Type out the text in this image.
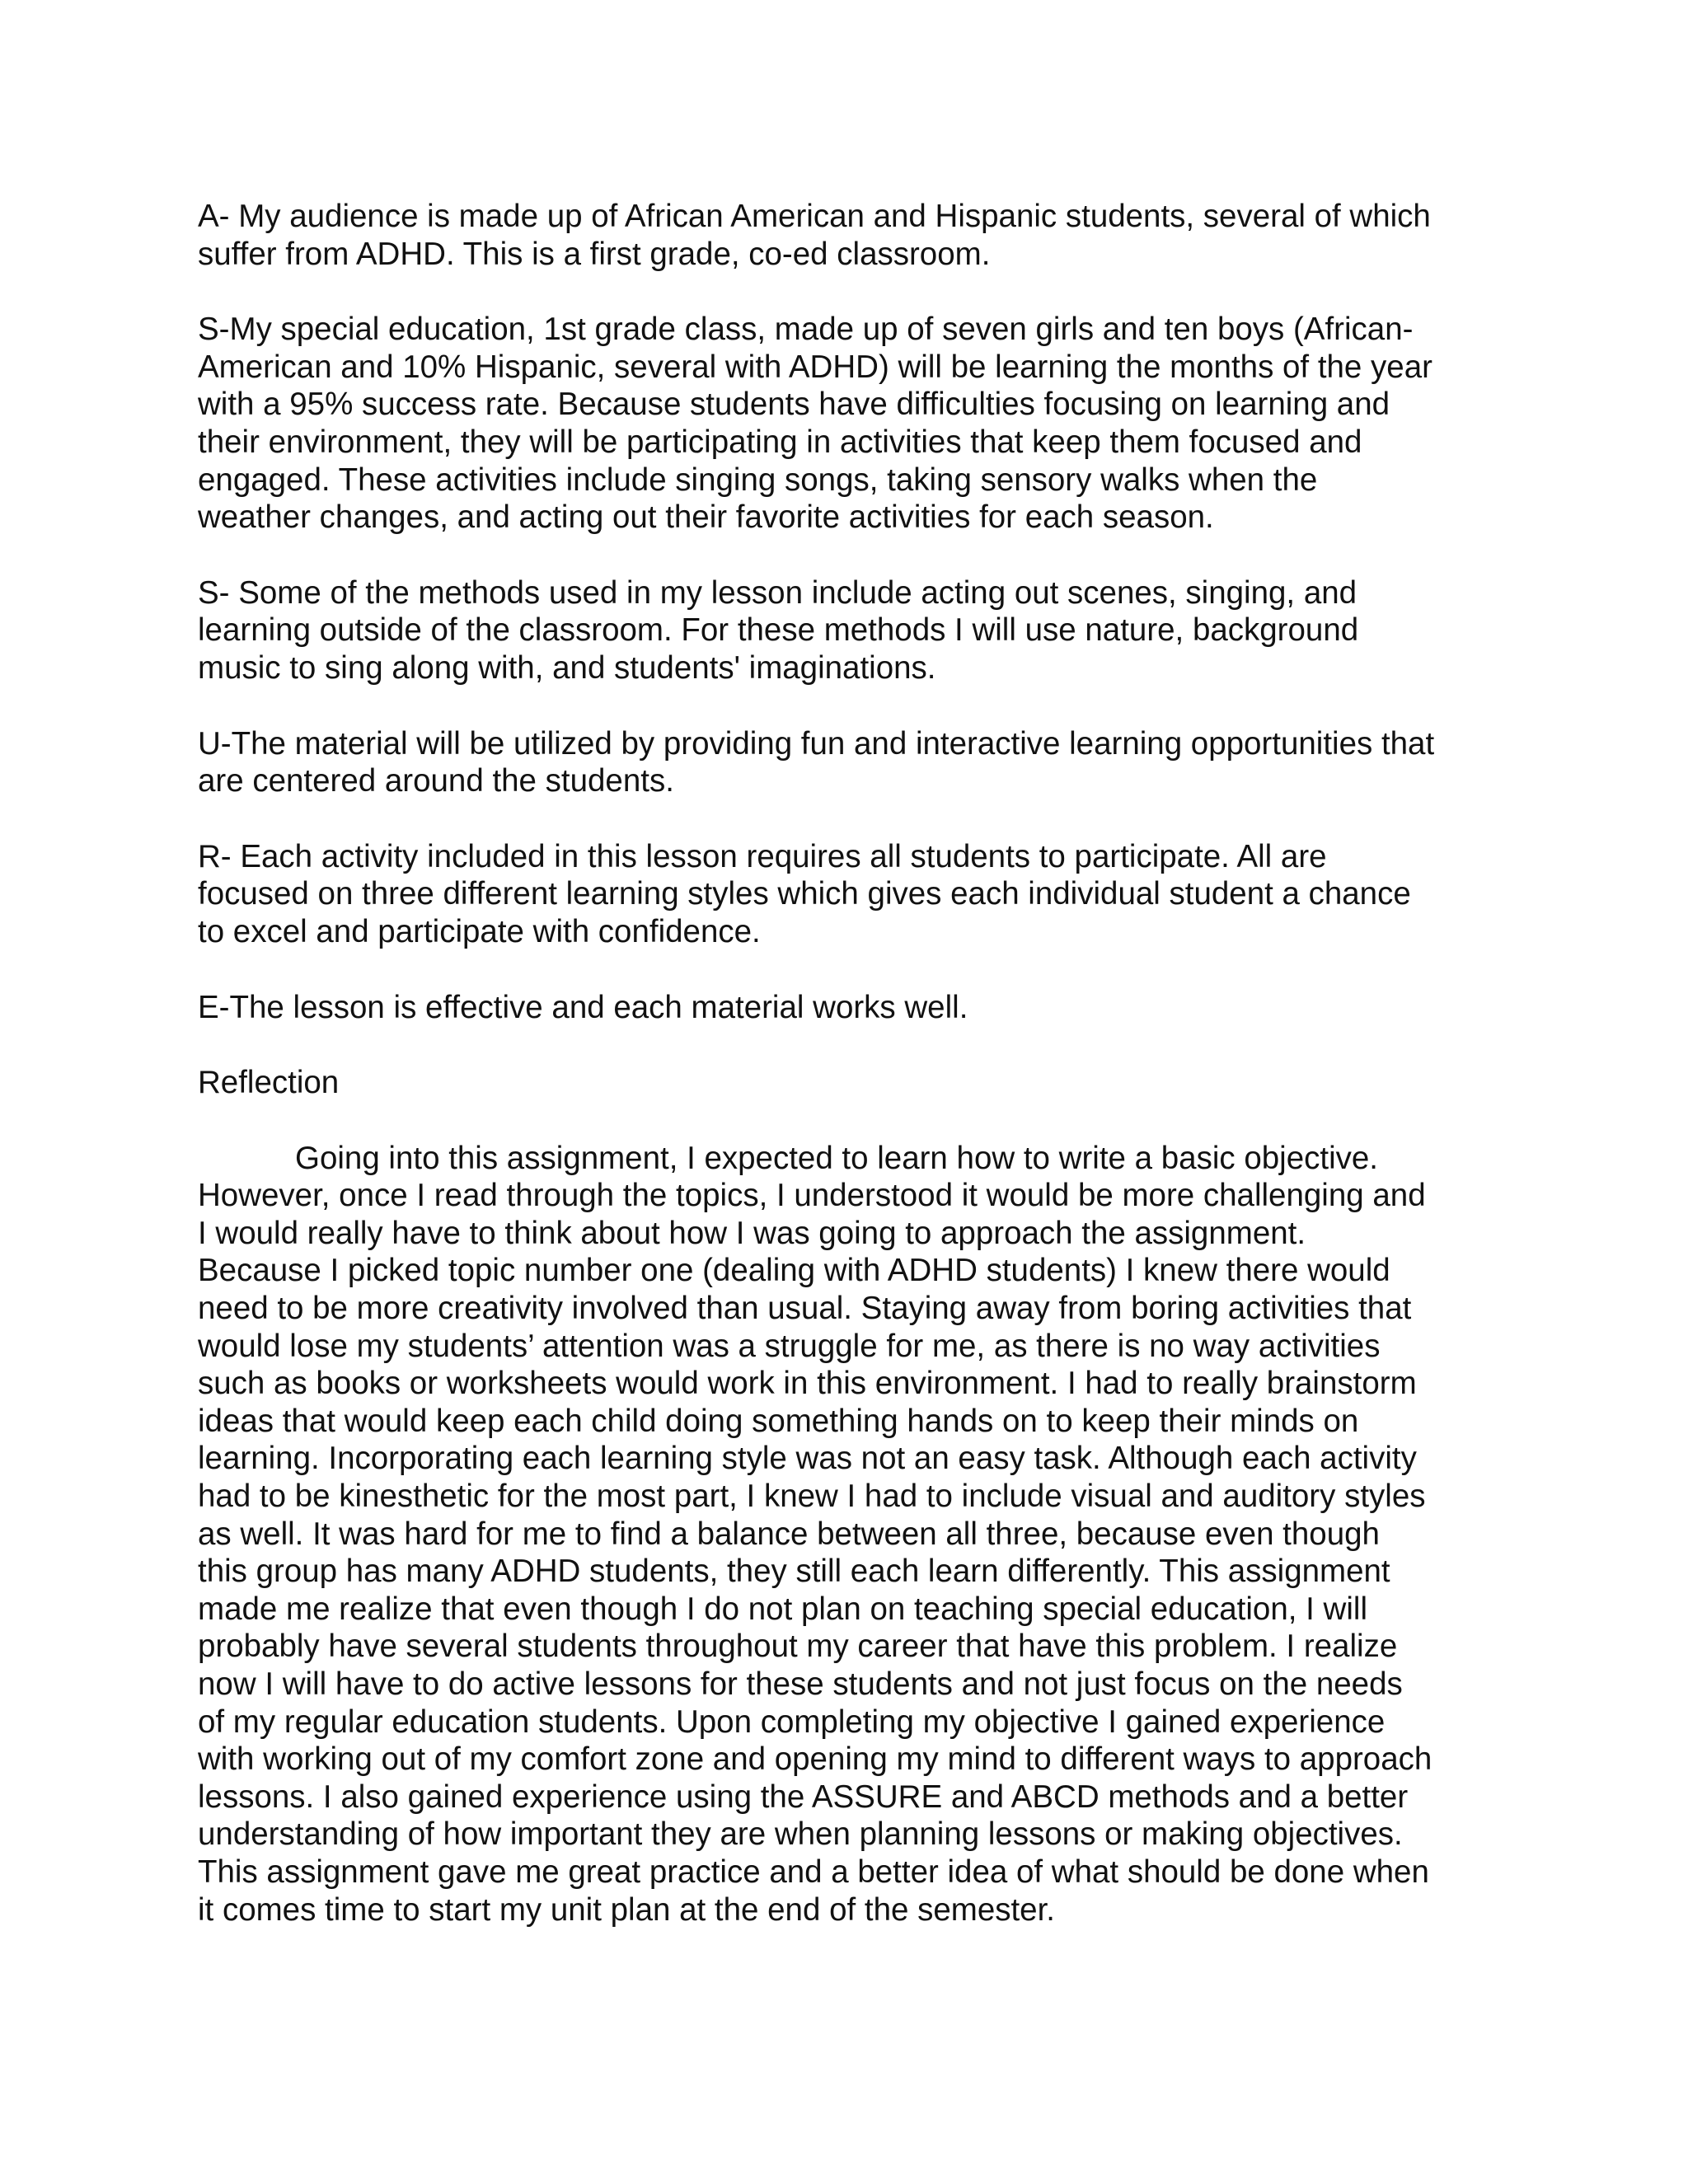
A- My audience is made up of African American and Hispanic students, several of which
suffer from ADHD. This is a first grade, co-ed classroom.
S-My special education, 1st grade class, made up of seven girls and ten boys (African-
American and 10% Hispanic, several with ADHD) will be learning the months of the year
with a 95% success rate. Because students have difficulties focusing on learning and
their environment, they will be participating in activities that keep them focused and
engaged. These activities include singing songs, taking sensory walks when the
weather changes, and acting out their favorite activities for each season.
S- Some of the methods used in my lesson include acting out scenes, singing, and
learning outside of the classroom. For these methods I will use nature, background
music to sing along with, and students' imaginations.
U-The material will be utilized by providing fun and interactive learning opportunities that
are centered around the students.
R- Each activity included in this lesson requires all students to participate. All are
focused on three different learning styles which gives each individual student a chance
to excel and participate with confidence.
E-The lesson is effective and each material works well.
Reflection
Going into this assignment, I expected to learn how to write a basic objective.
However, once I read through the topics, I understood it would be more challenging and
I would really have to think about how I was going to approach the assignment.
Because I picked topic number one (dealing with ADHD students) I knew there would
need to be more creativity involved than usual. Staying away from boring activities that
would lose my students’ attention was a struggle for me, as there is no way activities
such as books or worksheets would work in this environment. I had to really brainstorm
ideas that would keep each child doing something hands on to keep their minds on
learning. Incorporating each learning style was not an easy task. Although each activity
had to be kinesthetic for the most part, I knew I had to include visual and auditory styles
as well. It was hard for me to find a balance between all three, because even though
this group has many ADHD students, they still each learn differently. This assignment
made me realize that even though I do not plan on teaching special education, I will
probably have several students throughout my career that have this problem. I realize
now I will have to do active lessons for these students and not just focus on the needs
of my regular education students. Upon completing my objective I gained experience
with working out of my comfort zone and opening my mind to different ways to approach
lessons. I also gained experience using the ASSURE and ABCD methods and a better
understanding of how important they are when planning lessons or making objectives.
This assignment gave me great practice and a better idea of what should be done when
it comes time to start my unit plan at the end of the semester.
